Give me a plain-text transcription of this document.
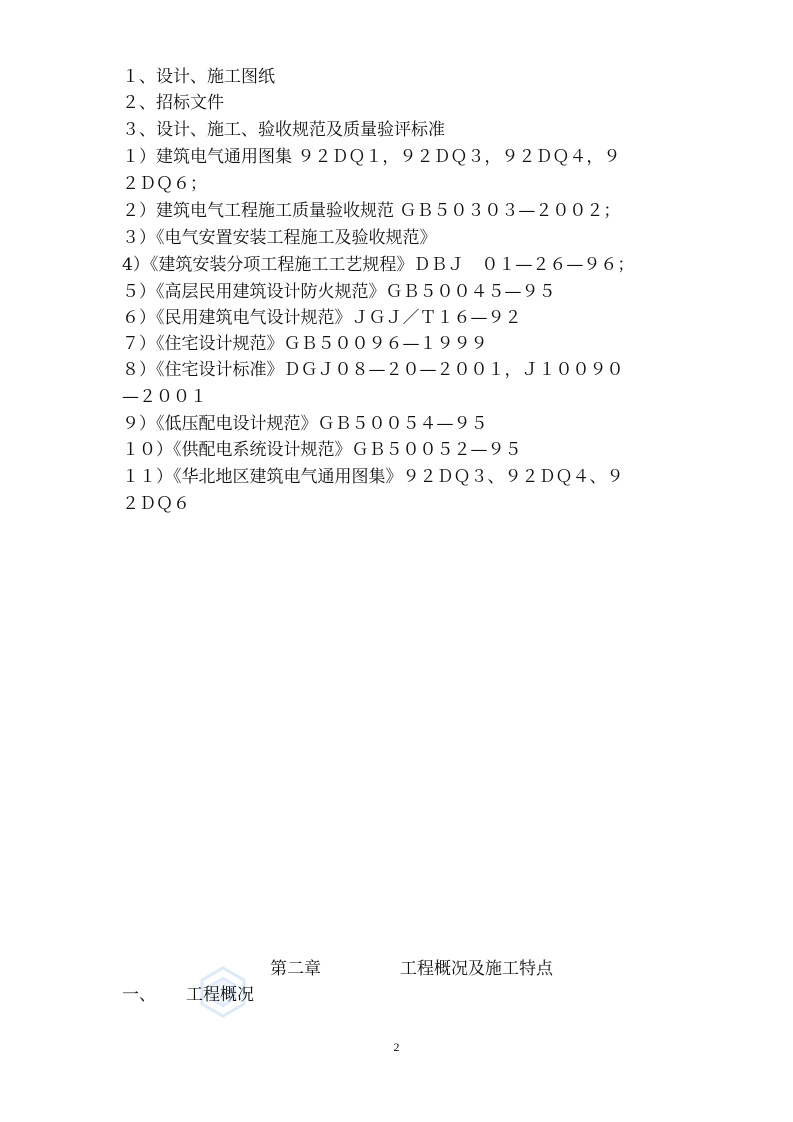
１、设计、施工图纸
２、招标文件
３、设计、施工、验收规范及质量验评标准
１）建筑电气通用图集 ９２ＤＱ１，９２ＤＱ３，９２ＤＱ４，９
２ＤＱ６；
２）建筑电气工程施工质量验收规范 ＧＢ５０３０３—２００２；
３）《电气安置安装工程施工及验收规范》
4）《建筑安装分项工程施工工艺规程》ＤＢＪ　０１—２６—９６；
５）《高层民用建筑设计防火规范》ＧＢ５００４５—９５
６）《民用建筑电气设计规范》ＪＧＪ／Ｔ１６—９２
７）《住宅设计规范》ＧＢ５００９６—１９９９
８）《住宅设计标准》ＤＧＪ０８—２０—２００１，Ｊ１００９０
—２００１
９）《低压配电设计规范》ＧＢ５００５４—９５
１０）《供配电系统设计规范》ＧＢ５００５２—９５
１１）《华北地区建筑电气通用图集》９２ＤＱ３、９２ＤＱ４、９
２ＤＱ６
第二章	工程概况及施工特点
一、 工程概况
2
